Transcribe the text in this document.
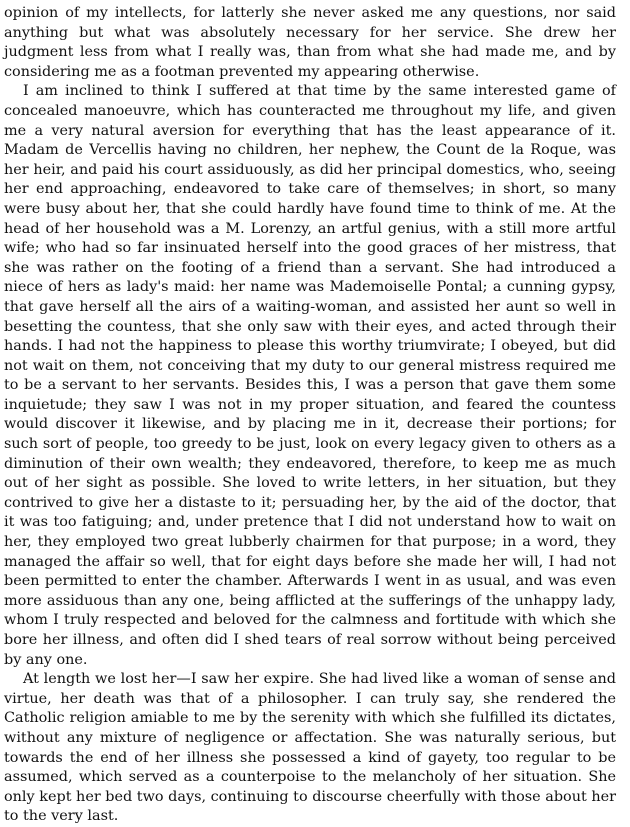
opinion of my intellects, for latterly she never asked me any questions, nor said anything but what was absolutely necessary for her service. She drew her judgment less from what I really was, than from what she had made me, and by considering me as a footman prevented my appearing otherwise.

I am inclined to think I suffered at that time by the same interested game of concealed manoeuvre, which has counteracted me throughout my life, and given me a very natural aversion for everything that has the least appearance of it. Madam de Vercellis having no children, her nephew, the Count de la Roque, was her heir, and paid his court assiduously, as did her principal domestics, who, seeing her end approaching, endeavored to take care of themselves; in short, so many were busy about her, that she could hardly have found time to think of me. At the head of her household was a M. Lorenzy, an artful genius, with a still more artful wife; who had so far insinuated herself into the good graces of her mistress, that she was rather on the footing of a friend than a servant. She had introduced a niece of hers as lady's maid: her name was Mademoiselle Pontal; a cunning gypsy, that gave herself all the airs of a waiting-woman, and assisted her aunt so well in besetting the countess, that she only saw with their eyes, and acted through their hands. I had not the happiness to please this worthy triumvirate; I obeyed, but did not wait on them, not conceiving that my duty to our general mistress required me to be a servant to her servants. Besides this, I was a person that gave them some inquietude; they saw I was not in my proper situation, and feared the countess would discover it likewise, and by placing me in it, decrease their portions; for such sort of people, too greedy to be just, look on every legacy given to others as a diminution of their own wealth; they endeavored, therefore, to keep me as much out of her sight as possible. She loved to write letters, in her situation, but they contrived to give her a distaste to it; persuading her, by the aid of the doctor, that it was too fatiguing; and, under pretence that I did not understand how to wait on her, they employed two great lubberly chairmen for that purpose; in a word, they managed the affair so well, that for eight days before she made her will, I had not been permitted to enter the chamber. Afterwards I went in as usual, and was even more assiduous than any one, being afflicted at the sufferings of the unhappy lady, whom I truly respected and beloved for the calmness and fortitude with which she bore her illness, and often did I shed tears of real sorrow without being perceived by any one.

At length we lost her—I saw her expire. She had lived like a woman of sense and virtue, her death was that of a philosopher. I can truly say, she rendered the Catholic religion amiable to me by the serenity with which she fulfilled its dictates, without any mixture of negligence or affectation. She was naturally serious, but towards the end of her illness she possessed a kind of gayety, too regular to be assumed, which served as a counterpoise to the melancholy of her situation. She only kept her bed two days, continuing to discourse cheerfully with those about her to the very last.
